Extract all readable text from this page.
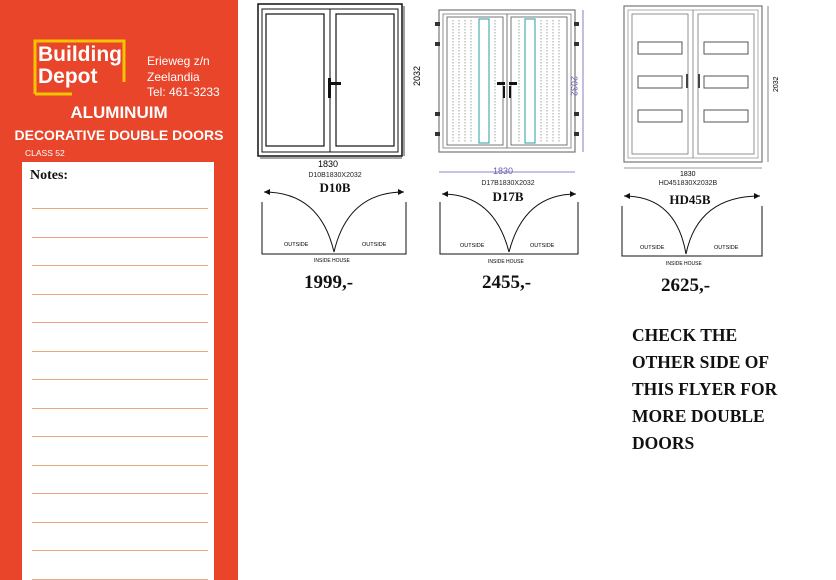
Building
Depot
Erieweg z/n
Zeelandia
Tel: 461-3233
ALUMINUIM
DECORATIVE DOUBLE DOORS
CLASS 52
Notes:
2032
1830
D10B1830X2032
D10B
OUTSIDE	OUTSIDE
INSIDE HOUSE
1999,-
1830
2032
D17B1830X2032
D17B
OUTSIDE	OUTSIDE
INSIDE HOUSE
2455,-
1830
2032
HD451830X2032B
HD45B
OUTSIDE	OUTSIDE
INSIDE HOUSE
2625,-
CHECK THE
OTHER SIDE OF
THIS FLYER FOR
MORE DOUBLE
DOORS
